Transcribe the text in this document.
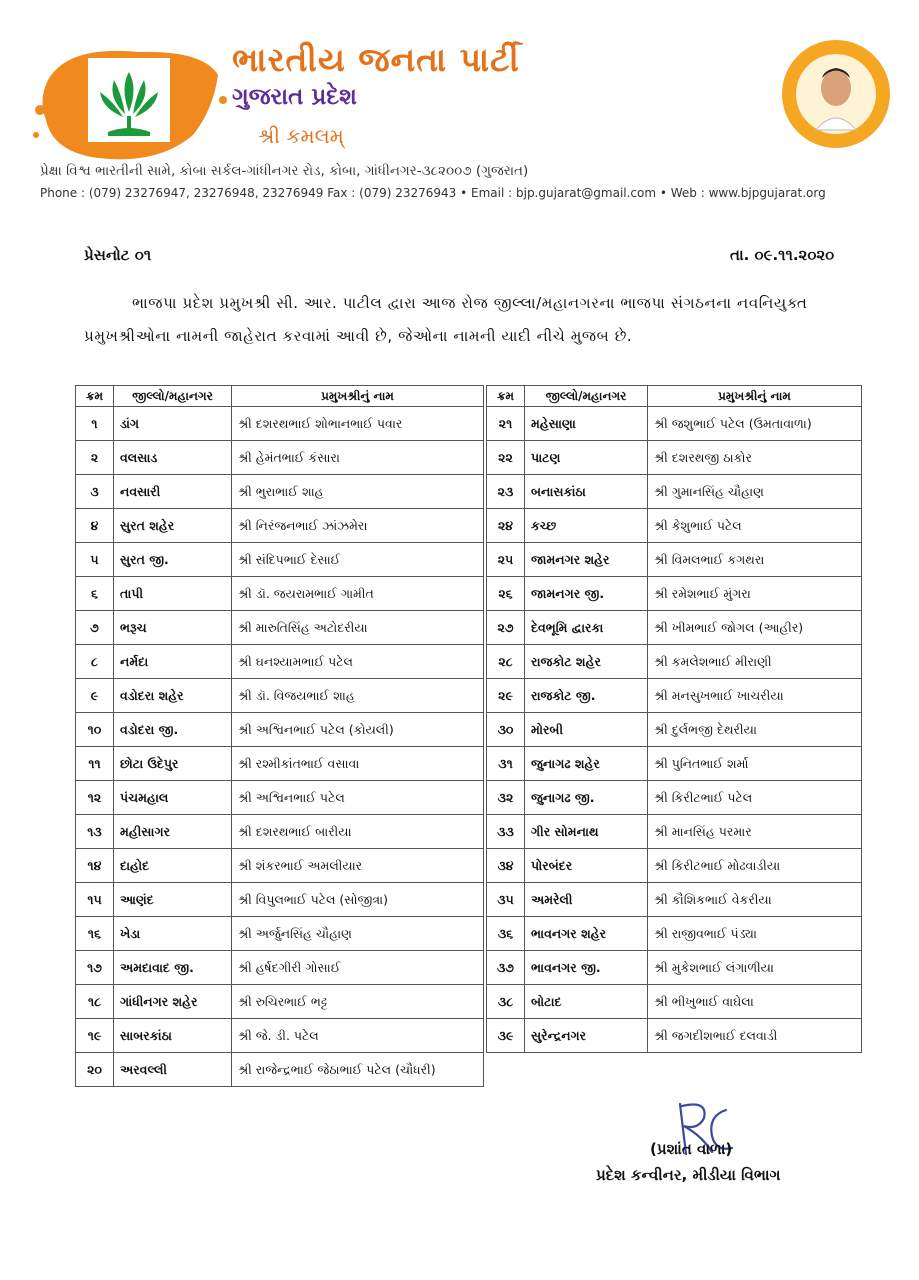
ભારતીય જનતા પાર્ટી
ગુજરાત પ્રદેશ
શ્રી કમલમ્
પ્રેક્ષા વિશ્વ ભારતીની સામે, કોબા સર્કલ-ગાંધીનગર રોડ, કોબા, ગાંધીનગર-૩૮૨૦૦૭ (ગુજરાત)
Phone : (079) 23276947, 23276948, 23276949 Fax : (079) 23276943 • Email : bjp.gujarat@gmail.com • Web : www.bjpgujarat.org
પ્રેસનોટ ૦૧	તા. ૦૯.૧૧.૨૦૨૦

ભાજપા પ્રદેશ પ્રમુખશ્રી સી. આર. પાટીલ દ્વારા આજ રોજ જીલ્લા/મહાનગરના ભાજપા સંગઠનના નવનિયુક્ત પ્રમુખશ્રીઓના નામની જાહેરાત કરવામાં આવી છે, જેઓના નામની યાદી નીચે મુજબ છે.

ક્રમ	જીલ્લો/મહાનગર	પ્રમુખશ્રીનું નામ
૧	ડાંગ	શ્રી દશરથભાઈ શોભાનભાઈ પવાર
૨	વલસાડ	શ્રી હેમંતભાઈ કંસારા
૩	નવસારી	શ્રી ભુરાભાઈ શાહ
૪	સુરત શહેર	શ્રી નિરંજનભાઈ ઝાંઝમેરા
૫	સુરત જી.	શ્રી સંદિપભાઈ દેસાઈ
૬	તાપી	શ્રી ડૉ. જયરામભાઈ ગામીત
૭	ભરૂચ	શ્રી મારુતિસિંહ અટોદરીયા
૮	નર્મદા	શ્રી ઘનશ્યામભાઈ પટેલ
૯	વડોદરા શહેર	શ્રી ડૉ. વિજયભાઈ શાહ
૧૦	વડોદરા જી.	શ્રી અશ્વિનભાઈ પટેલ (કોયલી)
૧૧	છોટા ઉદેપુર	શ્રી રશ્મીકાંતભાઈ વસાવા
૧૨	પંચમહાલ	શ્રી અશ્વિનભાઈ પટેલ
૧૩	મહીસાગર	શ્રી દશરથભાઈ બારીયા
૧૪	દાહોદ	શ્રી શંકરભાઈ અમલીયાર
૧૫	આણંદ	શ્રી વિપુલભાઈ પટેલ (સોજીત્રા)
૧૬	ખેડા	શ્રી અર્જુનસિંહ ચૌહાણ
૧૭	અમદાવાદ જી.	શ્રી હર્ષદગીરી ગોસાઈ
૧૮	ગાંધીનગર શહેર	શ્રી રુચિરભાઈ ભટ્ટ
૧૯	સાબરકાંઠા	શ્રી જે. ડી. પટેલ
૨૦	અરવલ્લી	શ્રી રાજેન્દ્રભાઈ જેઠાભાઈ પટેલ (ચૌધરી)
ક્રમ	જીલ્લો/મહાનગર	પ્રમુખશ્રીનું નામ
૨૧	મહેસાણા	શ્રી જશુભાઈ પટેલ (ઉમતાવાળા)
૨૨	પાટણ	શ્રી દશરથજી ઠાકોર
૨૩	બનાસકાંઠા	શ્રી ગુમાનસિંહ ચૌહાણ
૨૪	કચ્છ	શ્રી કેશુભાઈ પટેલ
૨૫	જામનગર શહેર	શ્રી વિમલભાઈ કગથરા
૨૬	જામનગર જી.	શ્રી રમેશભાઈ મુંગરા
૨૭	દેવભૂમિ દ્વારકા	શ્રી ખીમભાઈ જોગલ (આહીર)
૨૮	રાજકોટ શહેર	શ્રી કમલેશભાઈ મીરાણી
૨૯	રાજકોટ જી.	શ્રી મનસુખભાઈ ખાચરીયા
૩૦	મોરબી	શ્રી દુર્લભજી દેથરીયા
૩૧	જુનાગઢ શહેર	શ્રી પુનિતભાઈ શર્મા
૩૨	જુનાગઢ જી.	શ્રી કિરીટભાઈ પટેલ
૩૩	ગીર સોમનાથ	શ્રી માનસિંહ પરમાર
૩૪	પોરબંદર	શ્રી કિરીટભાઈ મોઢવાડીયા
૩૫	અમરેલી	શ્રી કૌશિકભાઈ વેકરીયા
૩૬	ભાવનગર શહેર	શ્રી રાજીવભાઈ પંડ્યા
૩૭	ભાવનગર જી.	શ્રી મુકેશભાઈ લંગાળીયા
૩૮	બોટાદ	શ્રી ભીખુભાઈ વાઘેલા
૩૯	સુરેન્દ્રનગર	શ્રી જગદીશભાઈ દલવાડી
(પ્રશાંત વાળા)
પ્રદેશ કન્વીનર, મીડીયા વિભાગ
